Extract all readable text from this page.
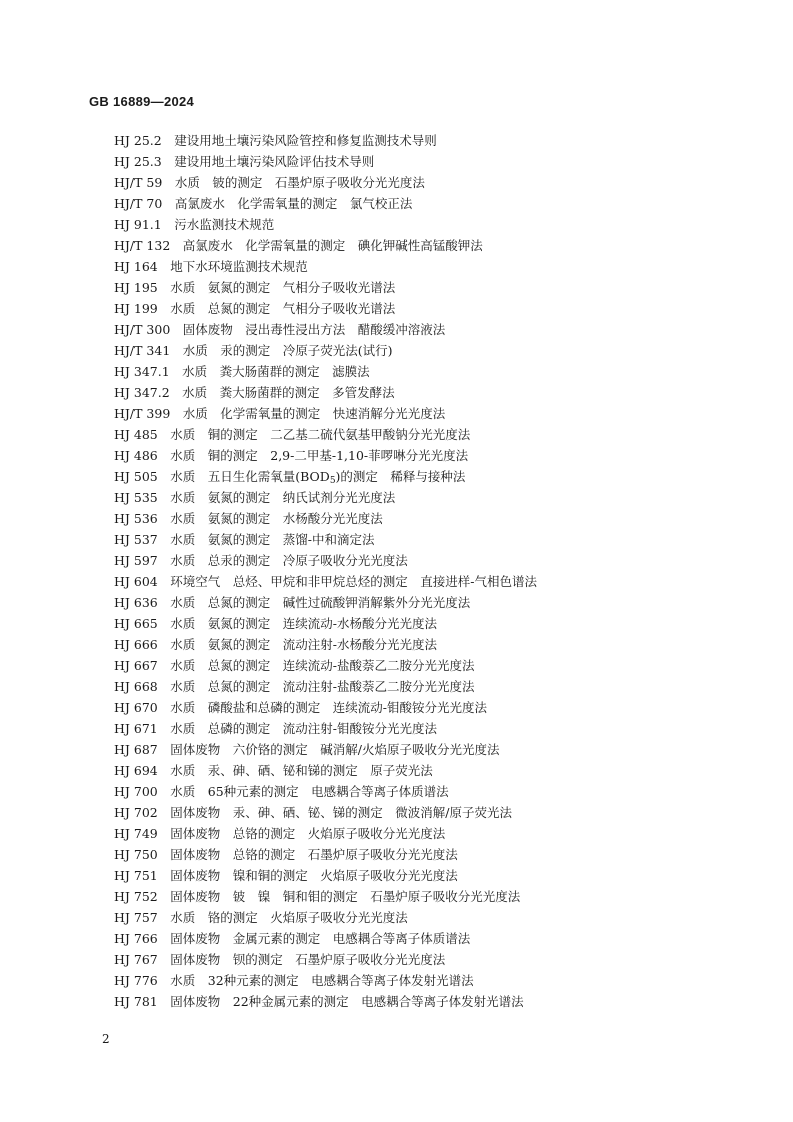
GB 16889—2024
HJ 25.2　建设用地土壤污染风险管控和修复监测技术导则
HJ 25.3　建设用地土壤污染风险评估技术导则
HJ/T 59　水质　铍的测定　石墨炉原子吸收分光光度法
HJ/T 70　高氯废水　化学需氧量的测定　氯气校正法
HJ 91.1　污水监测技术规范
HJ/T 132　高氯废水　化学需氧量的测定　碘化钾碱性高锰酸钾法
HJ 164　地下水环境监测技术规范
HJ 195　水质　氨氮的测定　气相分子吸收光谱法
HJ 199　水质　总氮的测定　气相分子吸收光谱法
HJ/T 300　固体废物　浸出毒性浸出方法　醋酸缓冲溶液法
HJ/T 341　水质　汞的测定　冷原子荧光法(试行)
HJ 347.1　水质　粪大肠菌群的测定　滤膜法
HJ 347.2　水质　粪大肠菌群的测定　多管发酵法
HJ/T 399　水质　化学需氧量的测定　快速消解分光光度法
HJ 485　水质　铜的测定　二乙基二硫代氨基甲酸钠分光光度法
HJ 486　水质　铜的测定　2,9-二甲基-1,10-菲啰啉分光光度法
HJ 505　水质　五日生化需氧量$(BOD_5)$的测定　稀释与接种法
HJ 535　水质　氨氮的测定　纳氏试剂分光光度法
HJ 536　水质　氨氮的测定　水杨酸分光光度法
HJ 537　水质　氨氮的测定　蒸馏-中和滴定法
HJ 597　水质　总汞的测定　冷原子吸收分光光度法
HJ 604　环境空气　总烃、甲烷和非甲烷总烃的测定　直接进样-气相色谱法
HJ 636　水质　总氮的测定　碱性过硫酸钾消解紫外分光光度法
HJ 665　水质　氨氮的测定　连续流动-水杨酸分光光度法
HJ 666　水质　氨氮的测定　流动注射-水杨酸分光光度法
HJ 667　水质　总氮的测定　连续流动-盐酸萘乙二胺分光光度法
HJ 668　水质　总氮的测定　流动注射-盐酸萘乙二胺分光光度法
HJ 670　水质　磷酸盐和总磷的测定　连续流动-钼酸铵分光光度法
HJ 671　水质　总磷的测定　流动注射-钼酸铵分光光度法
HJ 687　固体废物　六价铬的测定　碱消解/火焰原子吸收分光光度法
HJ 694　水质　汞、砷、硒、铋和锑的测定　原子荧光法
HJ 700　水质　65种元素的测定　电感耦合等离子体质谱法
HJ 702　固体废物　汞、砷、硒、铋、锑的测定　微波消解/原子荧光法
HJ 749　固体废物　总铬的测定　火焰原子吸收分光光度法
HJ 750　固体废物　总铬的测定　石墨炉原子吸收分光光度法
HJ 751　固体废物　镍和铜的测定　火焰原子吸收分光光度法
HJ 752　固体废物　铍　镍　铜和钼的测定　石墨炉原子吸收分光光度法
HJ 757　水质　铬的测定　火焰原子吸收分光光度法
HJ 766　固体废物　金属元素的测定　电感耦合等离子体质谱法
HJ 767　固体废物　钡的测定　石墨炉原子吸收分光光度法
HJ 776　水质　32种元素的测定　电感耦合等离子体发射光谱法
HJ 781　固体废物　22种金属元素的测定　电感耦合等离子体发射光谱法
2
